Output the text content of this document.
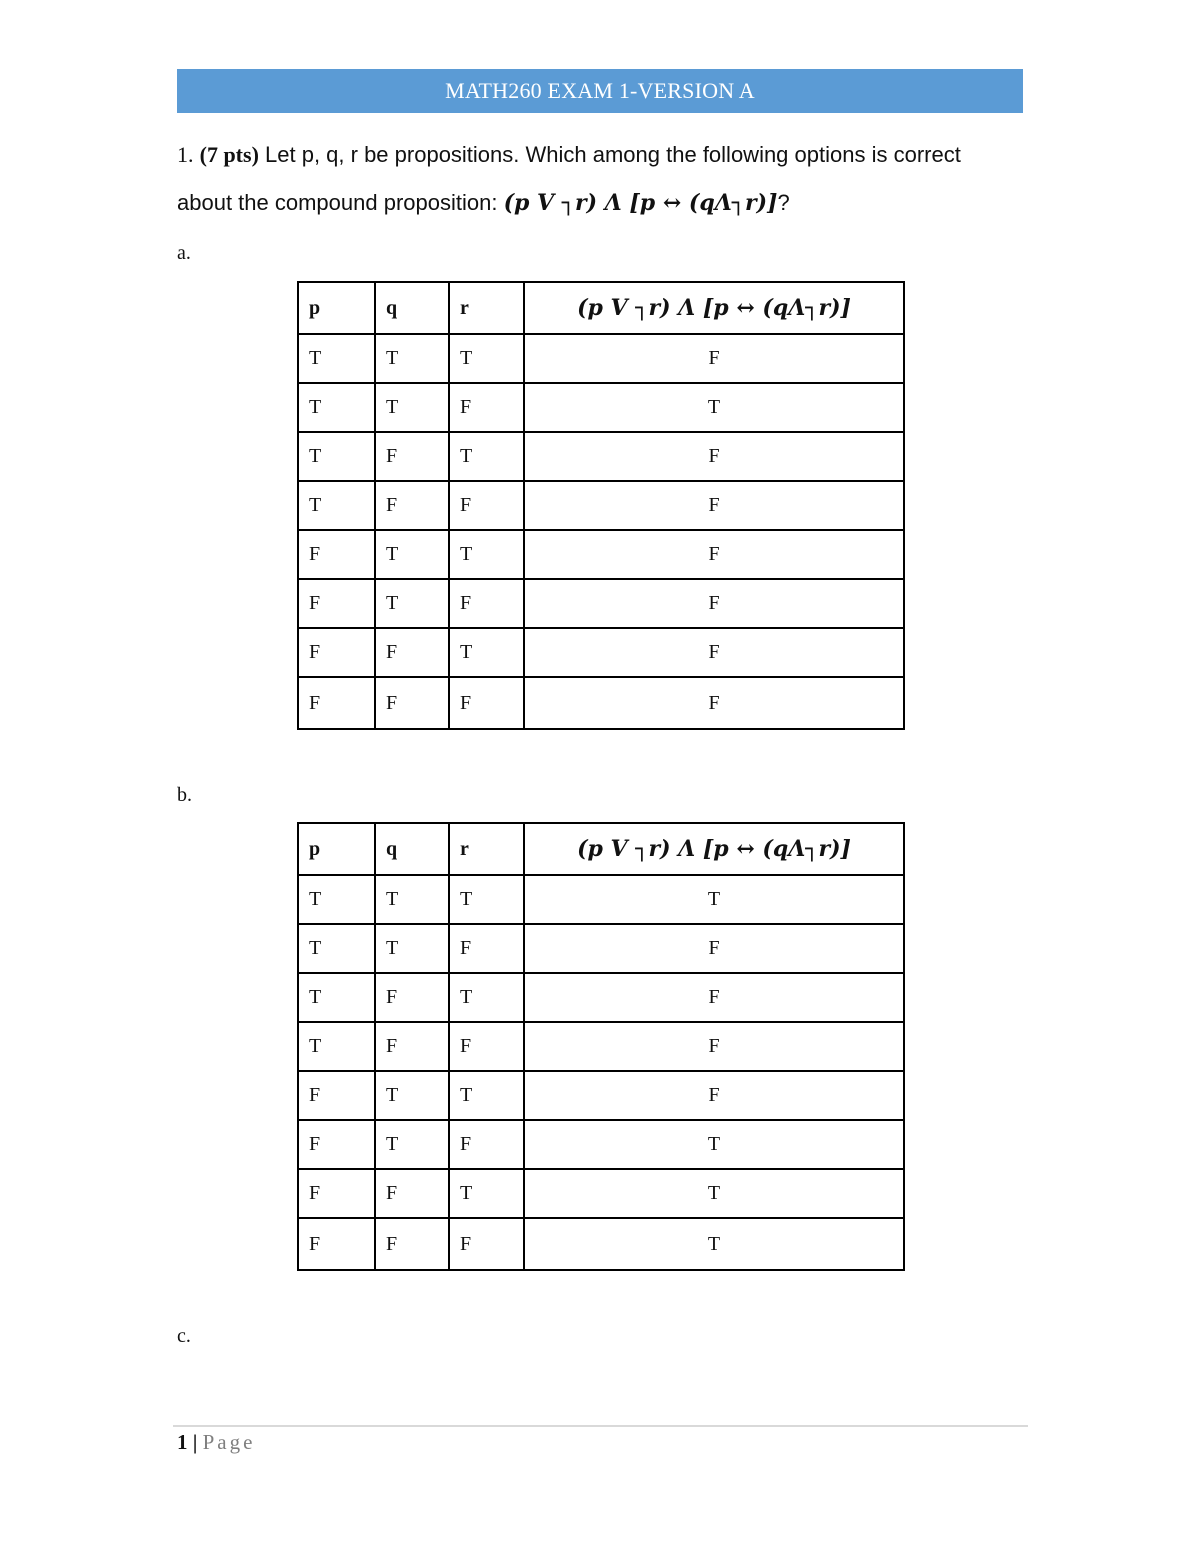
MATH260 EXAM 1-VERSION A
1. (7 pts) Let p, q, r be propositions. Which among the following options is correct
about the compound proposition: (p V ┐r) Λ [p ↔ (qΛ┐r)]?
a.
p	q	r	(p V ┐r) Λ [p ↔ (qΛ┐r)]
T	T	T	F
T	T	F	T
T	F	T	F
T	F	F	F
F	T	T	F
F	T	F	F
F	F	T	F
F	F	F	F
b.
p	q	r	(p V ┐r) Λ [p ↔ (qΛ┐r)]
T	T	T	T
T	T	F	F
T	F	T	F
T	F	F	F
F	T	T	F
F	T	F	T
F	F	T	T
F	F	F	T
c.
1 | Page
